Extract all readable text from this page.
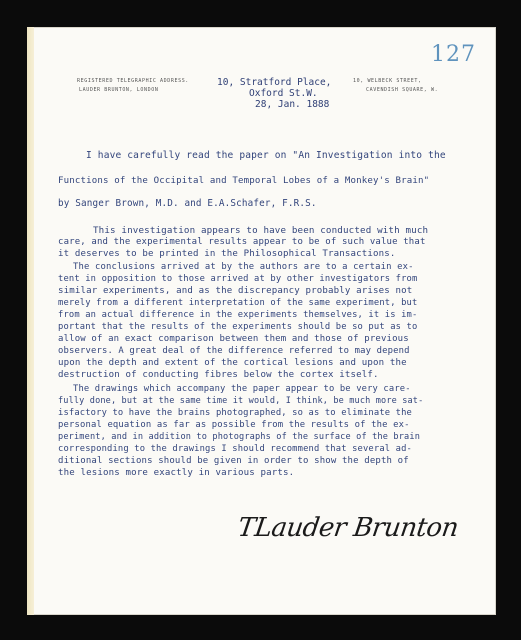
127
REGISTERED TELEGRAPHIC ADDRESS.
LAUDER BRUNTON, LONDON
10, Stratford Place,
Oxford St.W.
28, Jan. 1888
10, WELBECK STREET,
CAVENDISH SQUARE, W.
TLauder Brunton
I have carefully read the paper on "An Investigation into the
Functions of the Occipital and Temporal Lobes of a Monkey's Brain"
by Sanger Brown, M.D. and E.A.Schafer, F.R.S.
This investigation appears to have been conducted with much
care, and the experimental results appear to be of such value that
it deserves to be printed in the Philosophical Transactions.
The conclusions arrived at by the authors are to a certain ex-
tent in opposition to those arrived at by other investigators from
similar experiments, and as the discrepancy probably arises not
merely from a different interpretation of the same experiment, but
from an actual difference in the experiments themselves, it is im-
portant that the results of the experiments should be so put as to
allow of an exact comparison between them and those of previous
observers. A great deal of the difference referred to may depend
upon the depth and extent of the cortical lesions and upon the
destruction of conducting fibres below the cortex itself.
The drawings which accompany the paper appear to be very care-
fully done, but at the same time it would, I think, be much more sat-
isfactory to have the brains photographed, so as to eliminate the
personal equation as far as possible from the results of the ex-
periment, and in addition to photographs of the surface of the brain
corresponding to the drawings I should recommend that several ad-
ditional sections should be given in order to show the depth of
the lesions more exactly in various parts.
